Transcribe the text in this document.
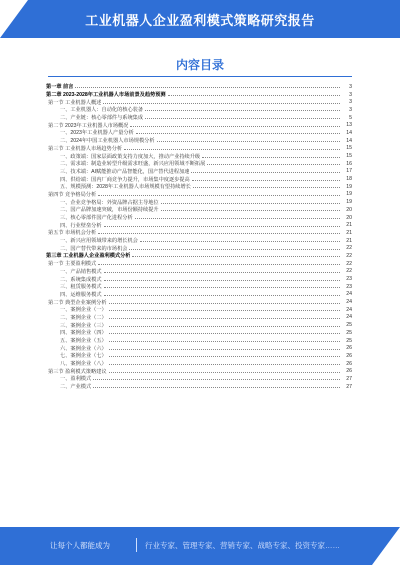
工业机器人企业盈利模式策略研究报告
内容目录
第一章 前言	3
第二章 2023-2028年工业机器人市场前景及趋势预测	3
第一节 工业机器人概述	3
一、工业机器人：自动化的核心装备	3
二、产业链：核心零部件与系统集成	5
第二节 2023年工业机器人市场概况	13
一、2023年工业机器人产量分析	14
二、2024年中国工业机器人市场规模分析	14
第三节 工业机器人市场趋势分析	15
一、政策端：国家层面政策支持力度加大，推动产业持续升级	15
二、需求端：制造业转型升级需求旺盛，新兴应用领域不断拓展	16
三、技术端：AI赋能推动产品智能化，国产替代进程加速	17
四、供给端：国内厂商竞争力提升，市场集中度逐步提高	18
五、规模预测：2028年工业机器人市场规模有望持续增长	19
第四节 竞争格局分析	19
一、企业竞争格局：外资品牌占据主导地位	19
二、国产品牌加速突破，市场份额持续提升	20
三、核心零部件国产化进程分析	20
四、行业壁垒分析	21
第五节 市场机会分析	21
一、新兴应用领域带来的增长机会	21
二、国产替代带来的市场机会	22
第三章 工业机器人企业盈利模式分析	22
第一节 主要盈利模式	22
一、产品销售模式	22
二、系统集成模式	23
三、租赁服务模式	23
四、运维服务模式	24
第二节 典型企业案例分析	24
一、案例企业（一）	24
二、案例企业（二）	24
三、案例企业（三）	25
四、案例企业（四）	25
五、案例企业（五）	25
六、案例企业（六）	26
七、案例企业（七）	26
八、案例企业（八）	26
第三节 盈利模式策略建议	26
一、盈利模式	27
二、产业模式	27
让每个人都能成为	行业专家、管理专家、营销专家、战略专家、投资专家……
